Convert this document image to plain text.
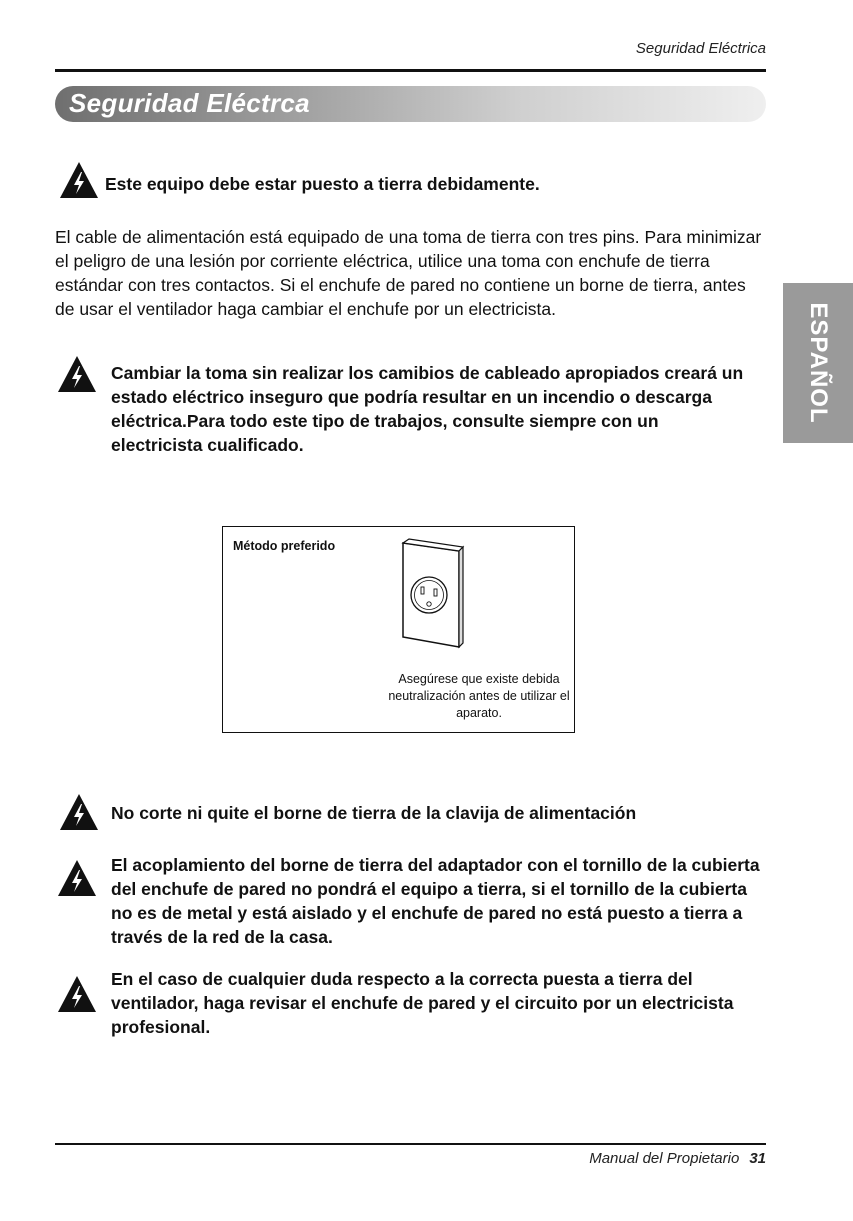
Seguridad Eléctrica
Seguridad Eléctrca
Este equipo debe estar puesto a tierra debidamente.
El cable de alimentación está equipado de una toma de tierra con tres pins. Para minimizar el peligro de una lesión por corriente eléctrica, utilice una toma con enchufe de tierra estándar con tres contactos. Si el enchufe de pared no contiene un borne de tierra, antes de usar el ventilador haga cambiar el enchufe por un electricista.	ESPAÑOL
Cambiar la toma sin realizar los camibios de cableado apropiados creará un estado eléctrico inseguro que podría resultar en un incendio o descarga eléctrica.Para todo este tipo de trabajos, consulte siempre con un electricista cualificado.
Método preferido
Asegúrese que existe debida neutralización antes de utilizar el aparato.
No corte ni quite el borne de tierra de la clavija de alimentación
El acoplamiento del borne de tierra del adaptador con el tornillo de la cubierta del enchufe de pared no pondrá el equipo a tierra, si el tornillo de la cubierta no es de metal y está aislado y el enchufe de pared no está puesto a tierra a través de la red de la casa.
En el caso de cualquier duda respecto a la correcta puesta a tierra del ventilador, haga revisar el enchufe de pared y el circuito por un electricista profesional.
Manual del Propietario 31
